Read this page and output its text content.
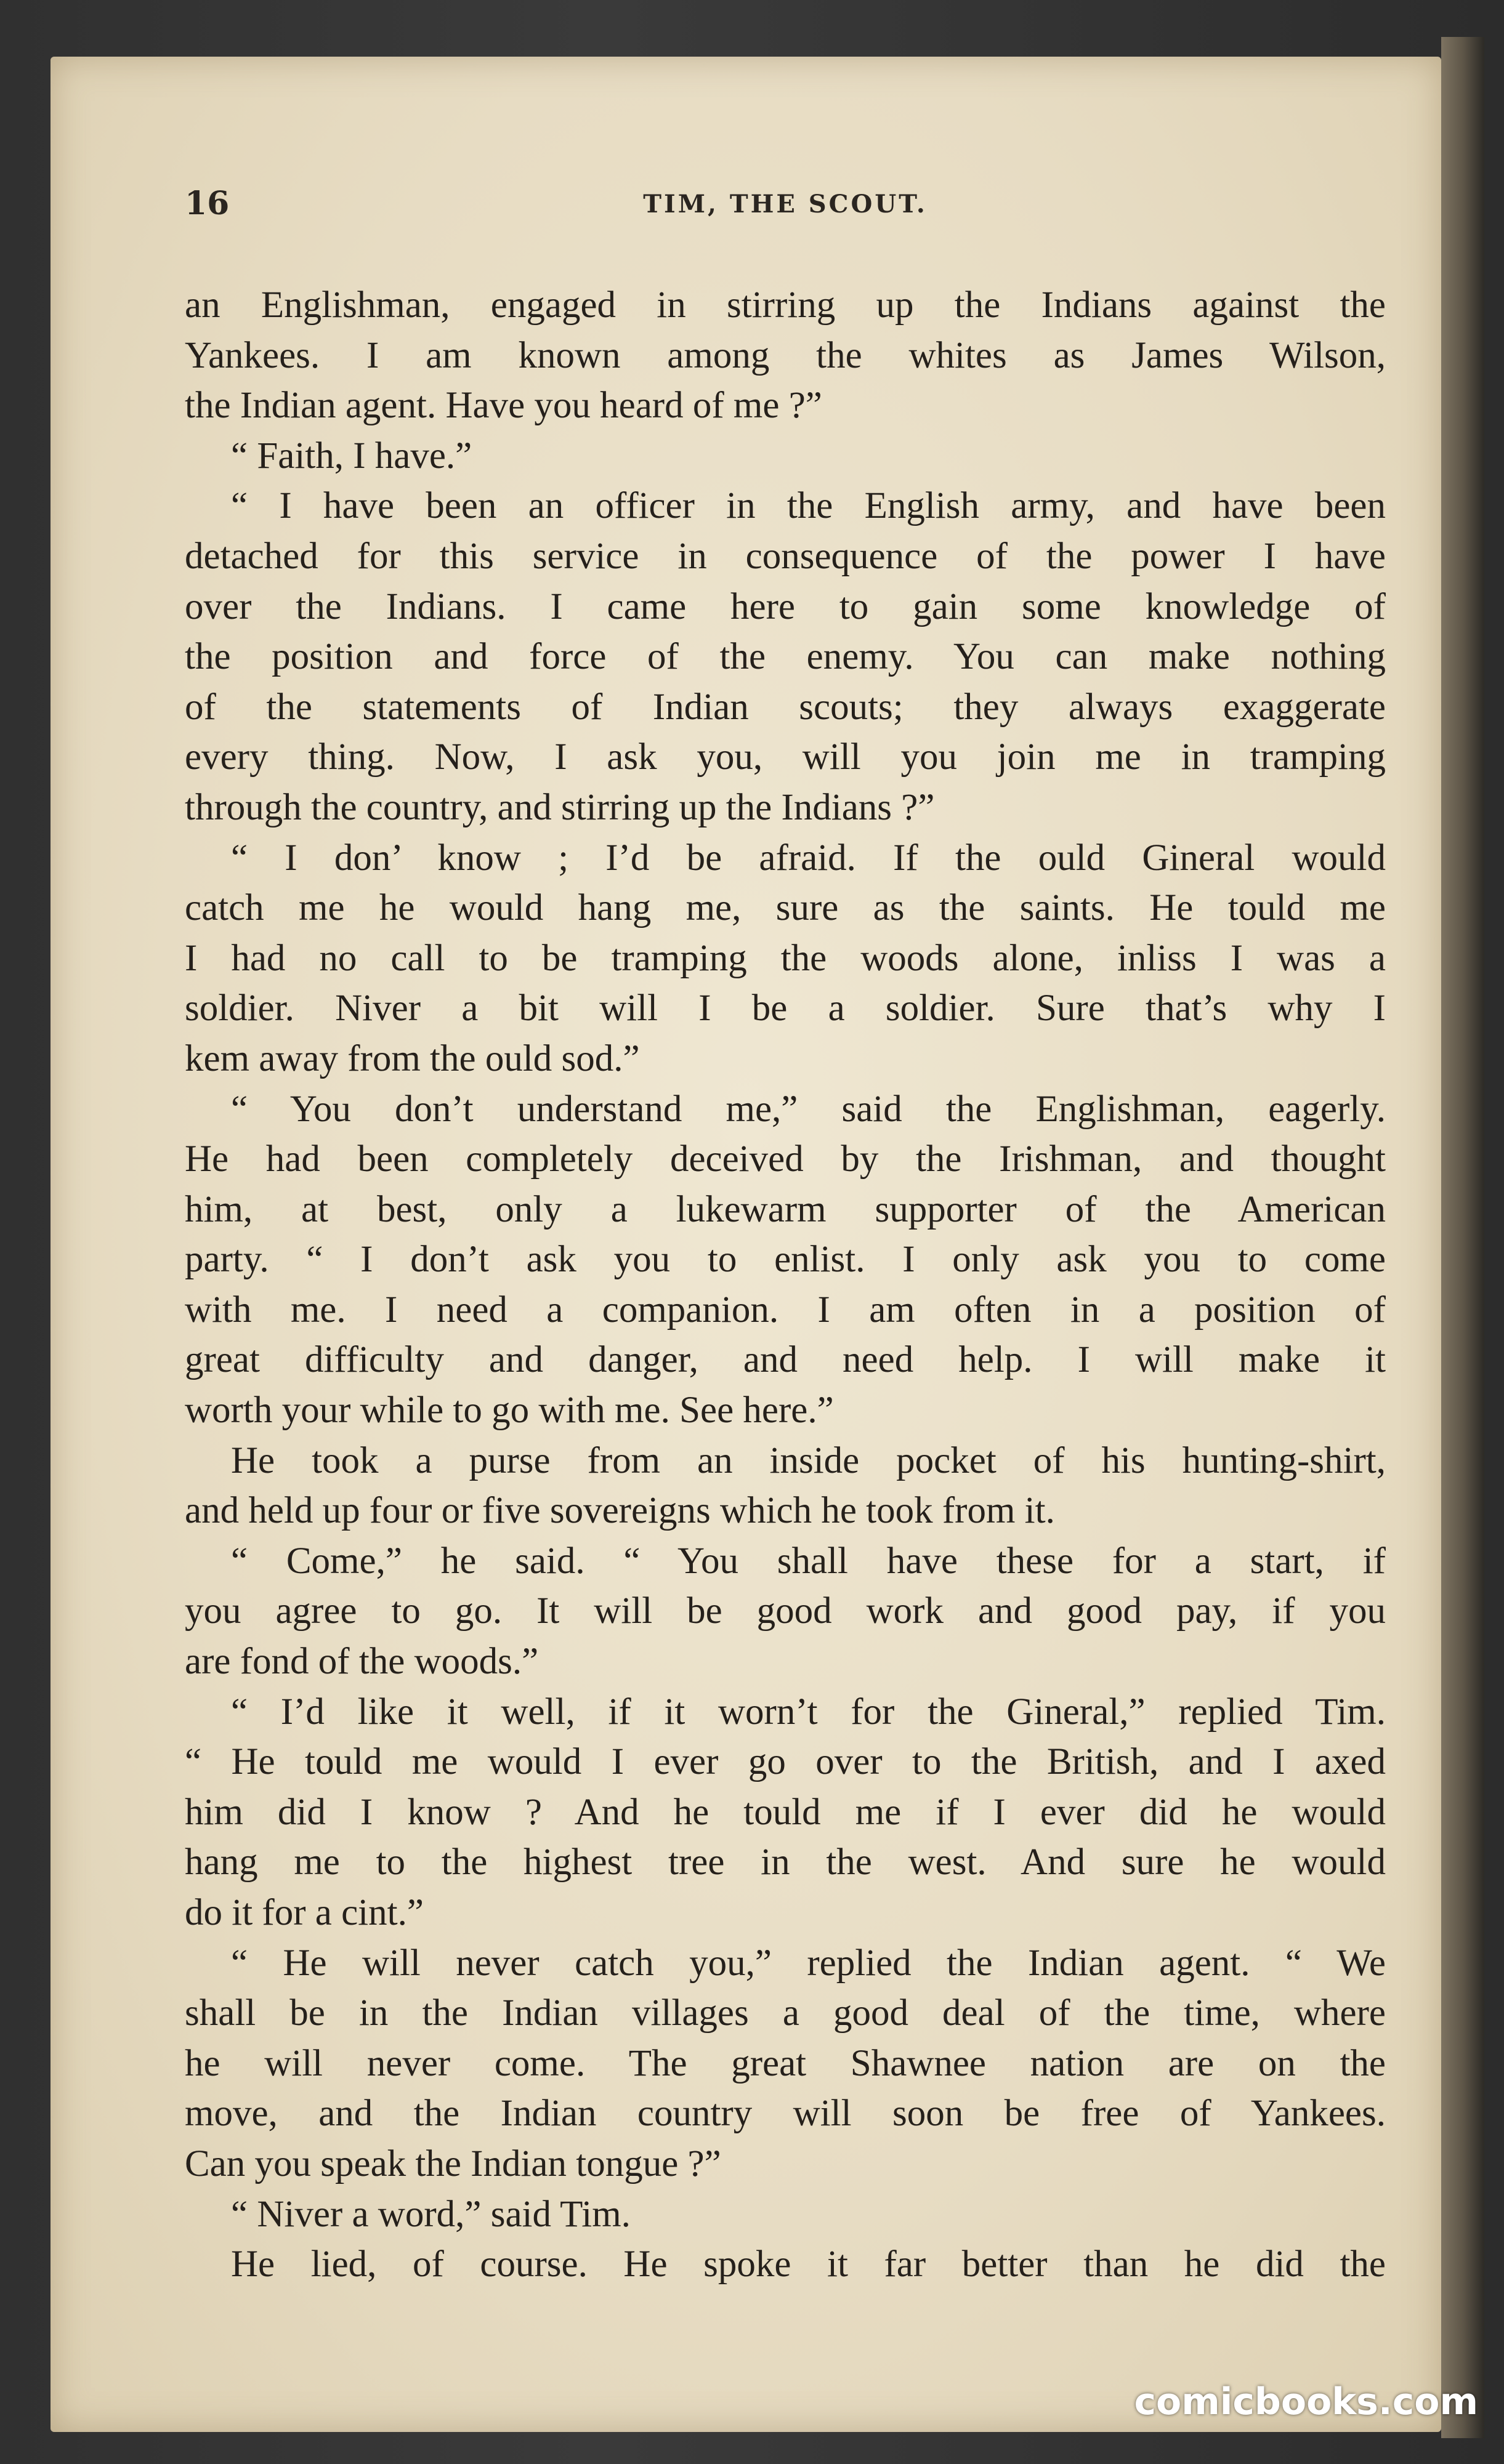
16	TIM, THE SCOUT.
an Englishman, engaged in stirring up the Indians against the
Yankees. I am known among the whites as James Wilson,
the Indian agent. Have you heard of me ?”
“ Faith, I have.”
“ I have been an officer in the English army, and have been
detached for this service in consequence of the power I have
over the Indians. I came here to gain some knowledge of
the position and force of the enemy. You can make nothing
of the statements of Indian scouts; they always exaggerate
every thing. Now, I ask you, will you join me in tramping
through the country, and stirring up the Indians ?”
“ I don’ know ; I’d be afraid. If the ould Gineral would
catch me he would hang me, sure as the saints. He tould me
I had no call to be tramping the woods alone, inliss I was a
soldier. Niver a bit will I be a soldier. Sure that’s why I
kem away from the ould sod.”
“ You don’t understand me,” said the Englishman, eagerly.
He had been completely deceived by the Irishman, and thought
him, at best, only a lukewarm supporter of the American
party. “ I don’t ask you to enlist. I only ask you to come
with me. I need a companion. I am often in a position of
great difficulty and danger, and need help. I will make it
worth your while to go with me. See here.”
He took a purse from an inside pocket of his hunting-shirt,
and held up four or five sovereigns which he took from it.
“ Come,” he said. “ You shall have these for a start, if
you agree to go. It will be good work and good pay, if you
are fond of the woods.”
“ I’d like it well, if it worn’t for the Gineral,” replied Tim.
“ He tould me would I ever go over to the British, and I axed
him did I know ? And he tould me if I ever did he would
hang me to the highest tree in the west. And sure he would
do it for a cint.”
“ He will never catch you,” replied the Indian agent. “ We
shall be in the Indian villages a good deal of the time, where
he will never come. The great Shawnee nation are on the
move, and the Indian country will soon be free of Yankees.
Can you speak the Indian tongue ?”
“ Niver a word,” said Tim.
He lied, of course. He spoke it far better than he did the
comicbooks.com
